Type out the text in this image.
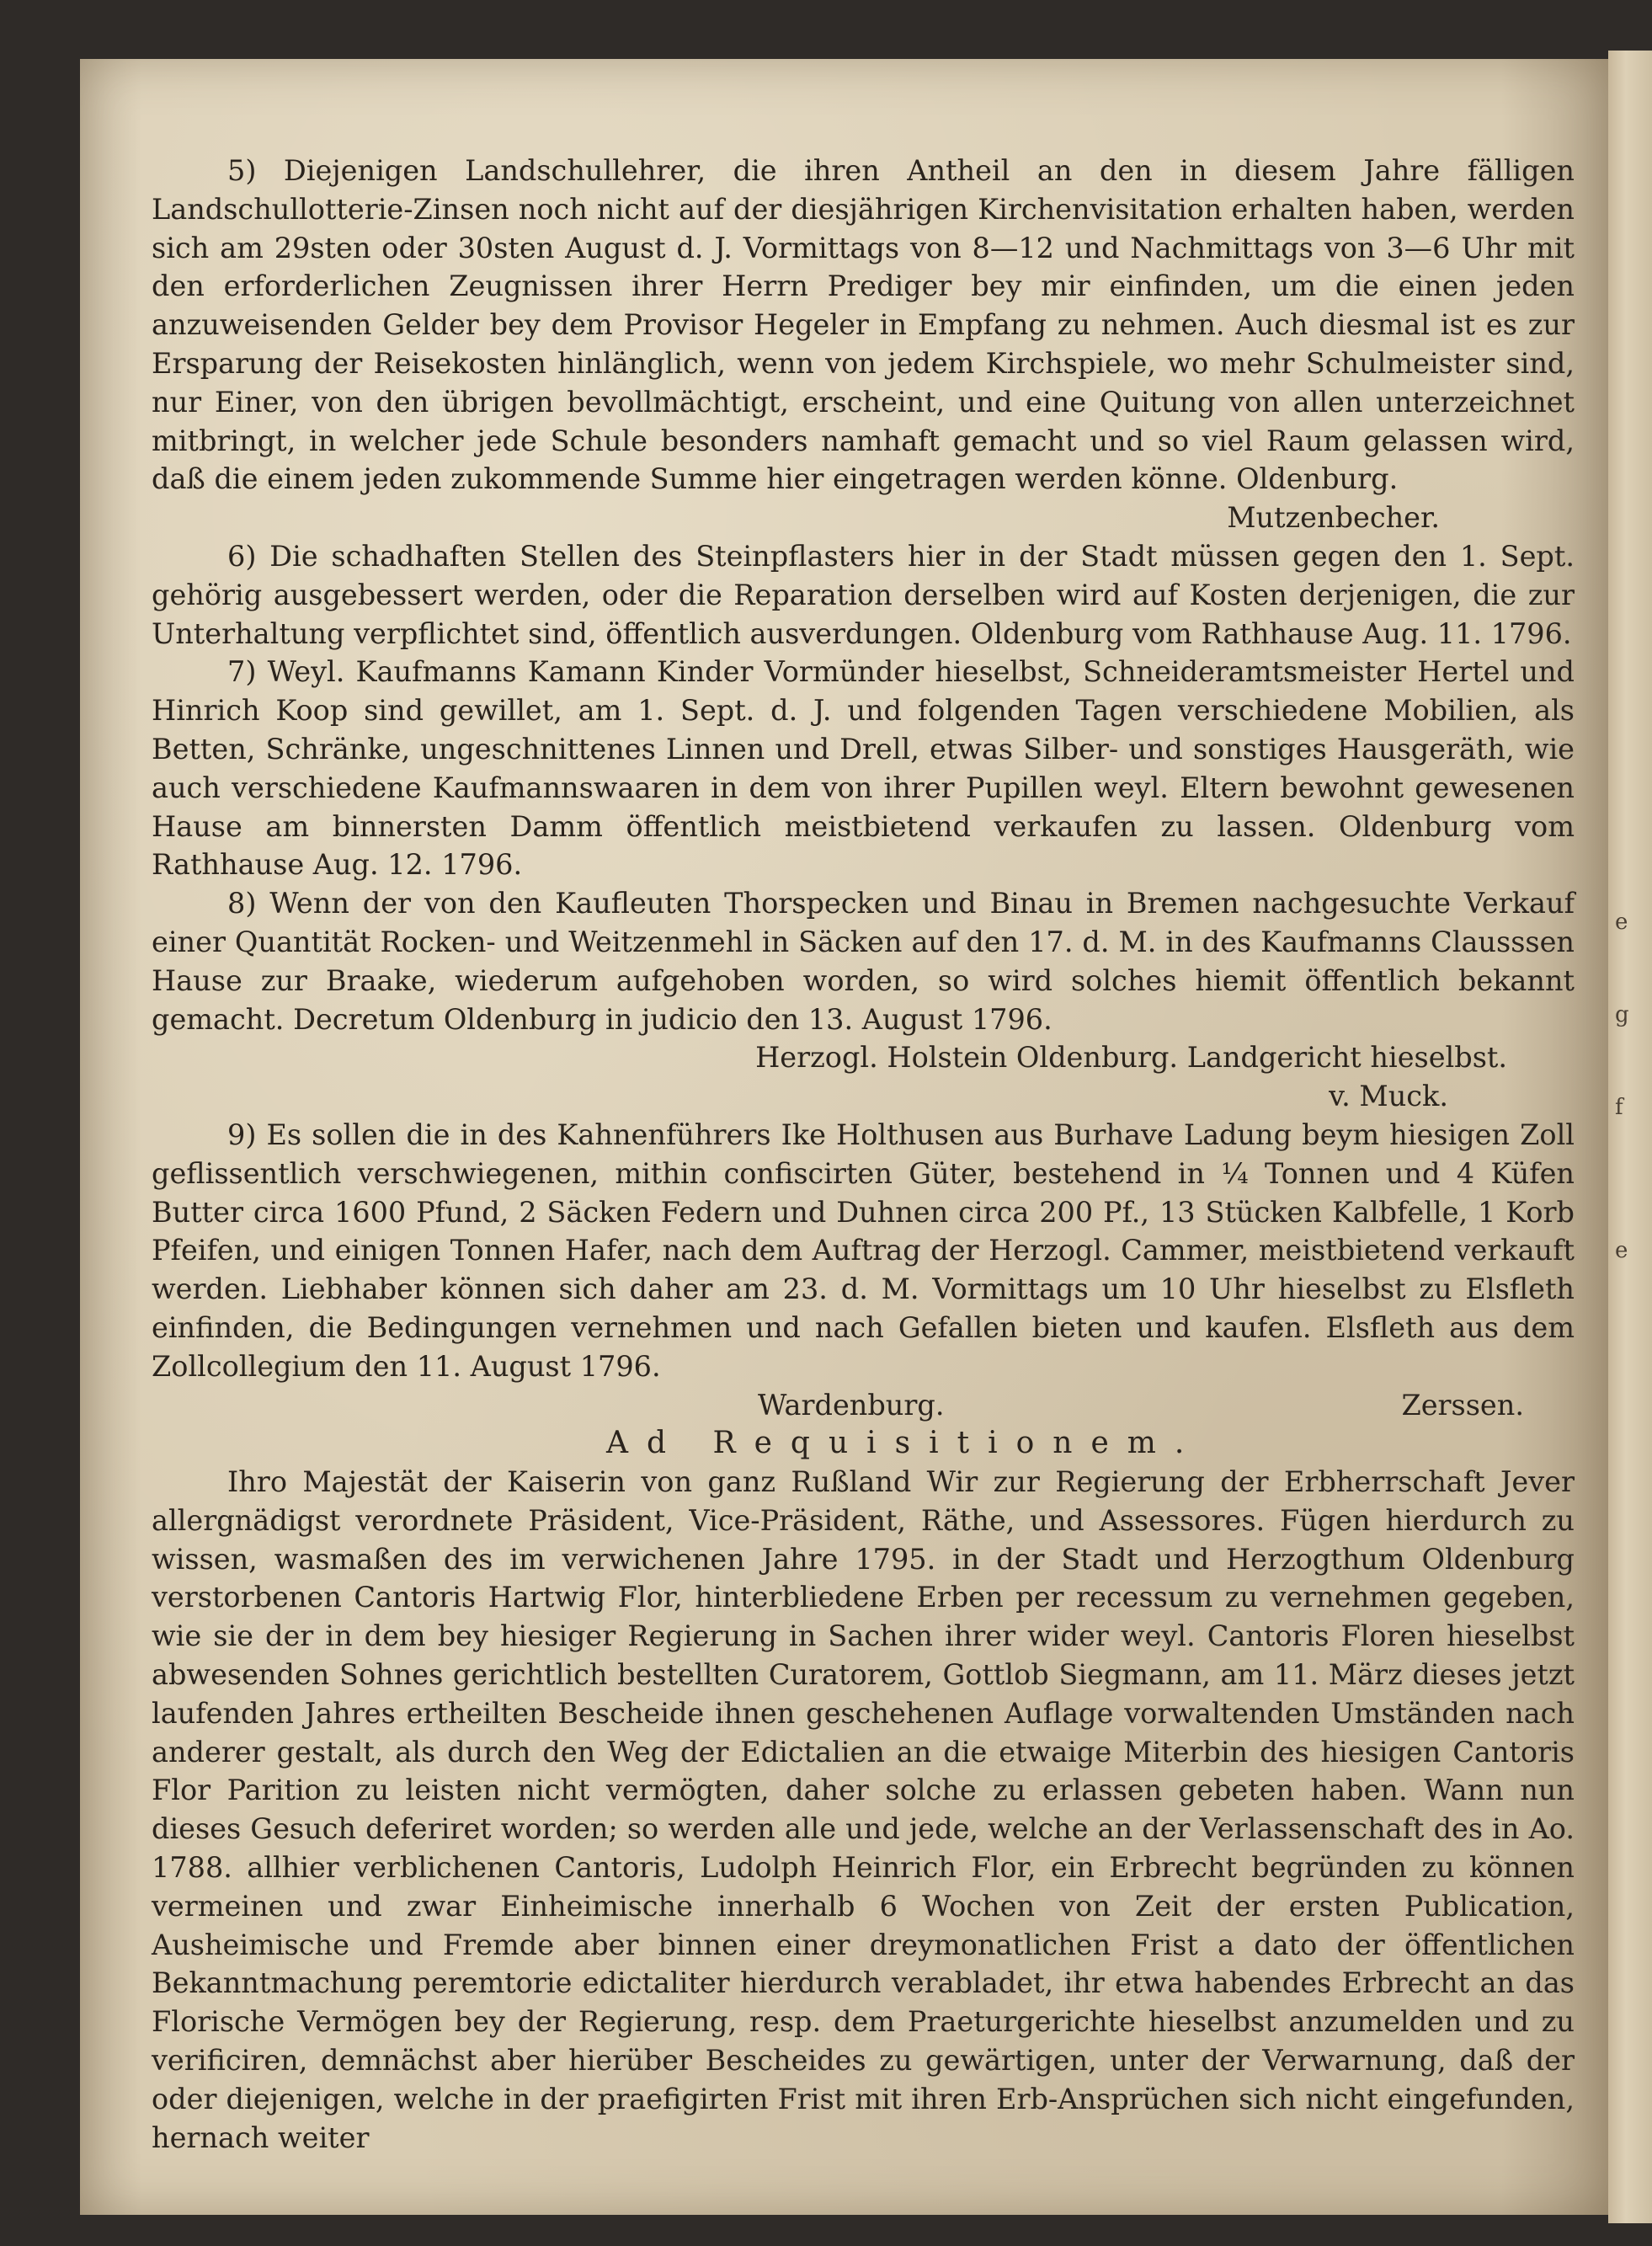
e
g
f
e

5) Diejenigen Landschullehrer, die ihren Antheil an den in diesem Jahre fälligen Landschullotterie-Zinsen noch nicht auf der diesjährigen Kirchenvisitation erhalten haben, werden sich am 29sten oder 30sten August d. J. Vormittags von 8—12 und Nachmittags von 3—6 Uhr mit den erforderlichen Zeugnissen ihrer Herrn Prediger bey mir einfinden, um die einen jeden anzuweisenden Gelder bey dem Provisor Hegeler in Empfang zu nehmen. Auch diesmal ist es zur Ersparung der Reisekosten hinlänglich, wenn von jedem Kirchspiele, wo mehr Schulmeister sind, nur Einer, von den übrigen bevollmächtigt, erscheint, und eine Quitung von allen unterzeichnet mitbringt, in welcher jede Schule besonders namhaft gemacht und so viel Raum gelassen wird, daß die einem jeden zukommende Summe hier eingetragen werden könne. Oldenburg.

Mutzenbecher.

6) Die schadhaften Stellen des Steinpflasters hier in der Stadt müssen gegen den 1. Sept. gehörig ausgebessert werden, oder die Reparation derselben wird auf Kosten derjenigen, die zur Unterhaltung verpflichtet sind, öffentlich ausverdungen. Oldenburg vom Rathhause Aug. 11. 1796.

7) Weyl. Kaufmanns Kamann Kinder Vormünder hieselbst, Schneideramtsmeister Hertel und Hinrich Koop sind gewillet, am 1. Sept. d. J. und folgenden Tagen verschiedene Mobilien, als Betten, Schränke, ungeschnittenes Linnen und Drell, etwas Silber- und sonstiges Hausgeräth, wie auch verschiedene Kaufmannswaaren in dem von ihrer Pupillen weyl. Eltern bewohnt gewesenen Hause am binnersten Damm öffentlich meistbietend verkaufen zu lassen. Oldenburg vom Rathhause Aug. 12. 1796.

8) Wenn der von den Kaufleuten Thorspecken und Binau in Bremen nachgesuchte Verkauf einer Quantität Rocken- und Weitzenmehl in Säcken auf den 17. d. M. in des Kaufmanns Clausssen Hause zur Braake, wiederum aufgehoben worden, so wird solches hiemit öffentlich bekannt gemacht. Decretum Oldenburg in judicio den 13. August 1796.

Herzogl. Holstein Oldenburg. Landgericht hieselbst.

v. Muck.

9) Es sollen die in des Kahnenführers Ike Holthusen aus Burhave Ladung beym hiesigen Zoll geflissentlich verschwiegenen, mithin confiscirten Güter, bestehend in ¼ Tonnen und 4 Küfen Butter circa 1600 Pfund, 2 Säcken Federn und Duhnen circa 200 Pf., 13 Stücken Kalbfelle, 1 Korb Pfeifen, und einigen Tonnen Hafer, nach dem Auftrag der Herzogl. Cammer, meistbietend verkauft werden. Liebhaber können sich daher am 23. d. M. Vormittags um 10 Uhr hieselbst zu Elsfleth einfinden, die Bedingungen vernehmen und nach Gefallen bieten und kaufen. Elsfleth aus dem Zollcollegium den 11. August 1796.

Wardenburg.	Zerssen.

Ad Requisitionem.

Ihro Majestät der Kaiserin von ganz Rußland Wir zur Regierung der Erbherrschaft Jever allergnädigst verordnete Präsident, Vice-Präsident, Räthe, und Assessores. Fügen hierdurch zu wissen, wasmaßen des im verwichenen Jahre 1795. in der Stadt und Herzogthum Oldenburg verstorbenen Cantoris Hartwig Flor, hinterbliedene Erben per recessum zu vernehmen gegeben, wie sie der in dem bey hiesiger Regierung in Sachen ihrer wider weyl. Cantoris Floren hieselbst abwesenden Sohnes gerichtlich bestellten Curatorem, Gottlob Siegmann, am 11. März dieses jetzt laufenden Jahres ertheilten Bescheide ihnen geschehenen Auflage vorwaltenden Umständen nach anderer gestalt, als durch den Weg der Edictalien an die etwaige Miterbin des hiesigen Cantoris Flor Parition zu leisten nicht vermögten, daher solche zu erlassen gebeten haben. Wann nun dieses Gesuch deferiret worden; so werden alle und jede, welche an der Verlassenschaft des in Ao. 1788. allhier verblichenen Cantoris, Ludolph Heinrich Flor, ein Erbrecht begründen zu können vermeinen und zwar Einheimische innerhalb 6 Wochen von Zeit der ersten Publication, Ausheimische und Fremde aber binnen einer dreymonatlichen Frist a dato der öffentlichen Bekanntmachung peremtorie edictaliter hierdurch verabladet, ihr etwa habendes Erbrecht an das Florische Vermögen bey der Regierung, resp. dem Praeturgerichte hieselbst anzumelden und zu verificiren, demnächst aber hierüber Bescheides zu gewärtigen, unter der Verwarnung, daß der oder diejenigen, welche in der praefigirten Frist mit ihren Erb-Ansprüchen sich nicht eingefunden, hernach weiter
